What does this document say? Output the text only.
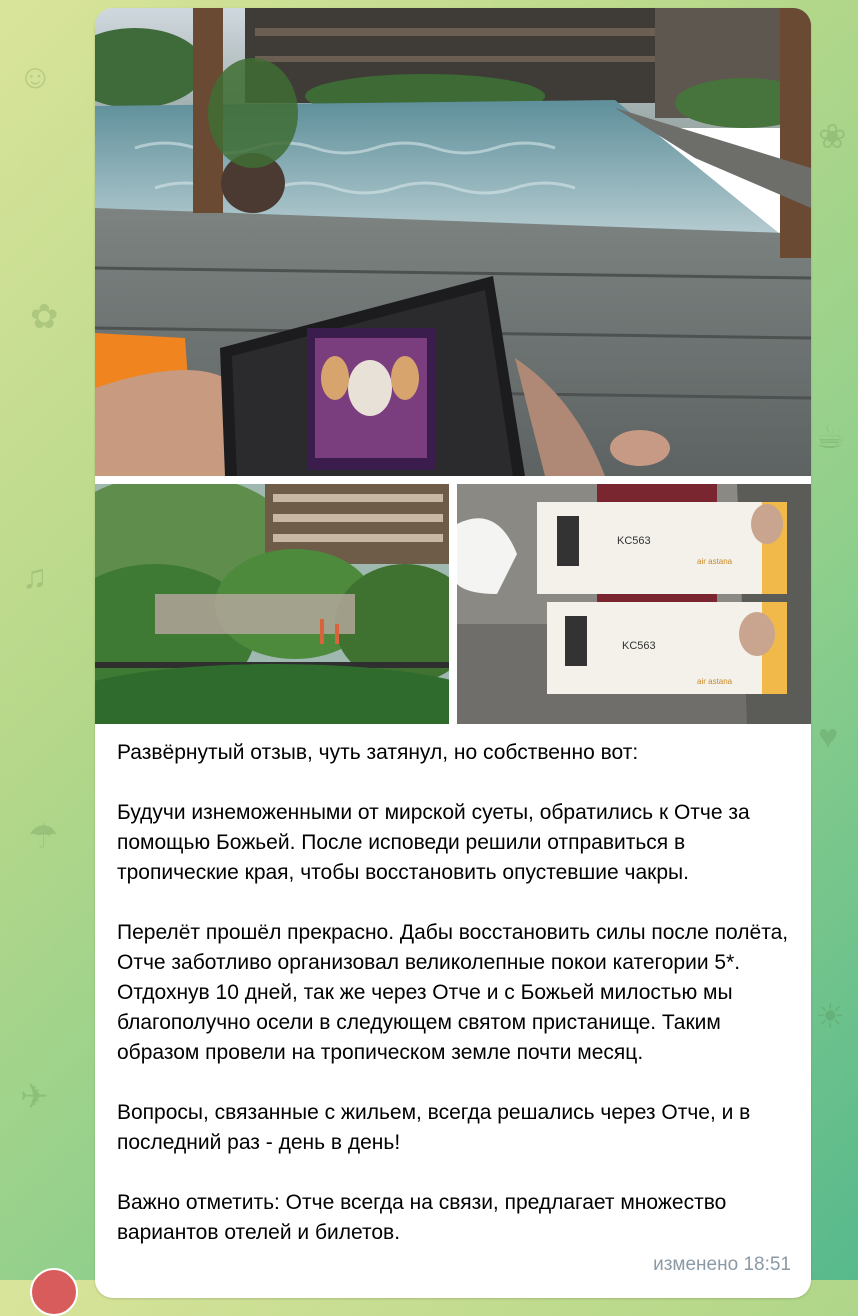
☺
✿
♫
☂
✈
❀
☕
♥
☀
KC563
KC563
air astana
air astana

Развёрнутый отзыв, чуть затянул, но собственно вот:

Будучи изнеможенными от мирской суеты, обратились к Отче за помощью Божьей. После исповеди решили отправиться в тропические края, чтобы восстановить опустевшие чакры.

Перелёт прошёл прекрасно. Дабы восстановить силы после полёта, Отче заботливо организовал великолепные покои категории 5*. Отдохнув 10 дней, так же через Отче и с Божьей милостью мы благополучно осели в следующем святом пристанище. Таким образом провели на тропическом земле почти месяц.

Вопросы, связанные с жильем, всегда решались через Отче, и в последний раз - день в день!

Важно отметить: Отче всегда на связи, предлагает множество вариантов отелей и билетов.

изменено 18:51
